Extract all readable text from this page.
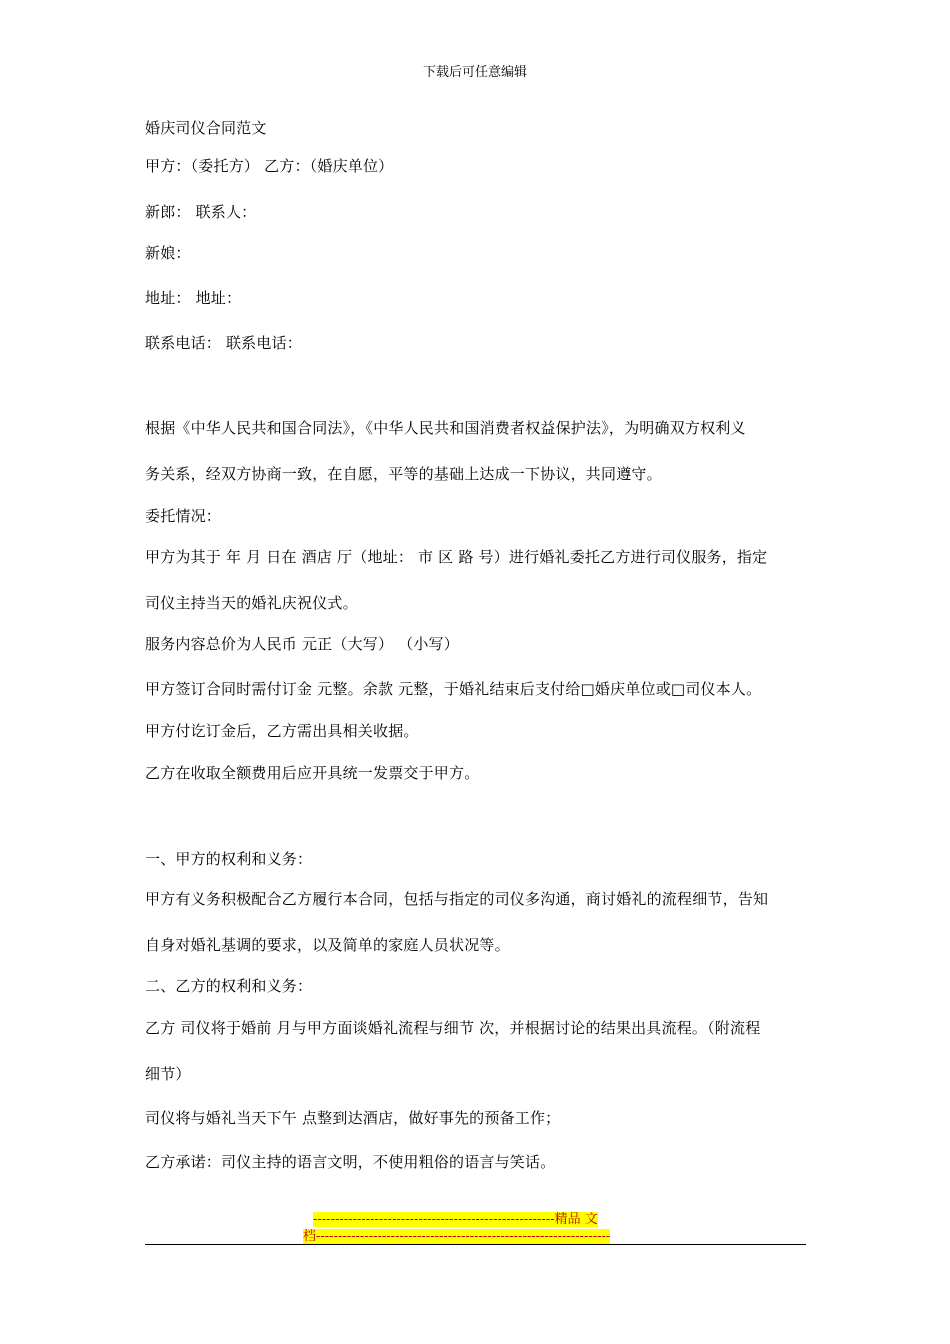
下载后可任意编辑
婚庆司仪合同范文
甲方：（委托方） 乙方：（婚庆单位）
新郎： 联系人：
新娘：
地址： 地址：
联系电话： 联系电话：
根据《中华人民共和国合同法》，《中华人民共和国消费者权益保护法》，为明确双方权利义
务关系，经双方协商一致，在自愿，平等的基础上达成一下协议，共同遵守。
委托情况：
甲方为其于 年 月 日在 酒店 厅（地址： 市 区 路 号）进行婚礼委托乙方进行司仪服务，指定
司仪主持当天的婚礼庆祝仪式。
服务内容总价为人民币 元正（大写） （小写）
甲方签订合同时需付订金 元整。余款 元整，于婚礼结束后支付给□婚庆单位或□司仪本人。
甲方付讫订金后，乙方需出具相关收据。
乙方在收取全额费用后应开具统一发票交于甲方。
一、甲方的权利和义务：
甲方有义务积极配合乙方履行本合同，包括与指定的司仪多沟通，商讨婚礼的流程细节，告知
自身对婚礼基调的要求，以及简单的家庭人员状况等。
二、乙方的权利和义务：
乙方 司仪将于婚前 月与甲方面谈婚礼流程与细节 次，并根据讨论的结果出具流程。（附流程
细节）
司仪将与婚礼当天下午 点整到达酒店，做好事先的预备工作；
乙方承诺：司仪主持的语言文明，不使用粗俗的语言与笑话。
-------------------------------------------------------精品 文
档-------------------------------------------------------------------
